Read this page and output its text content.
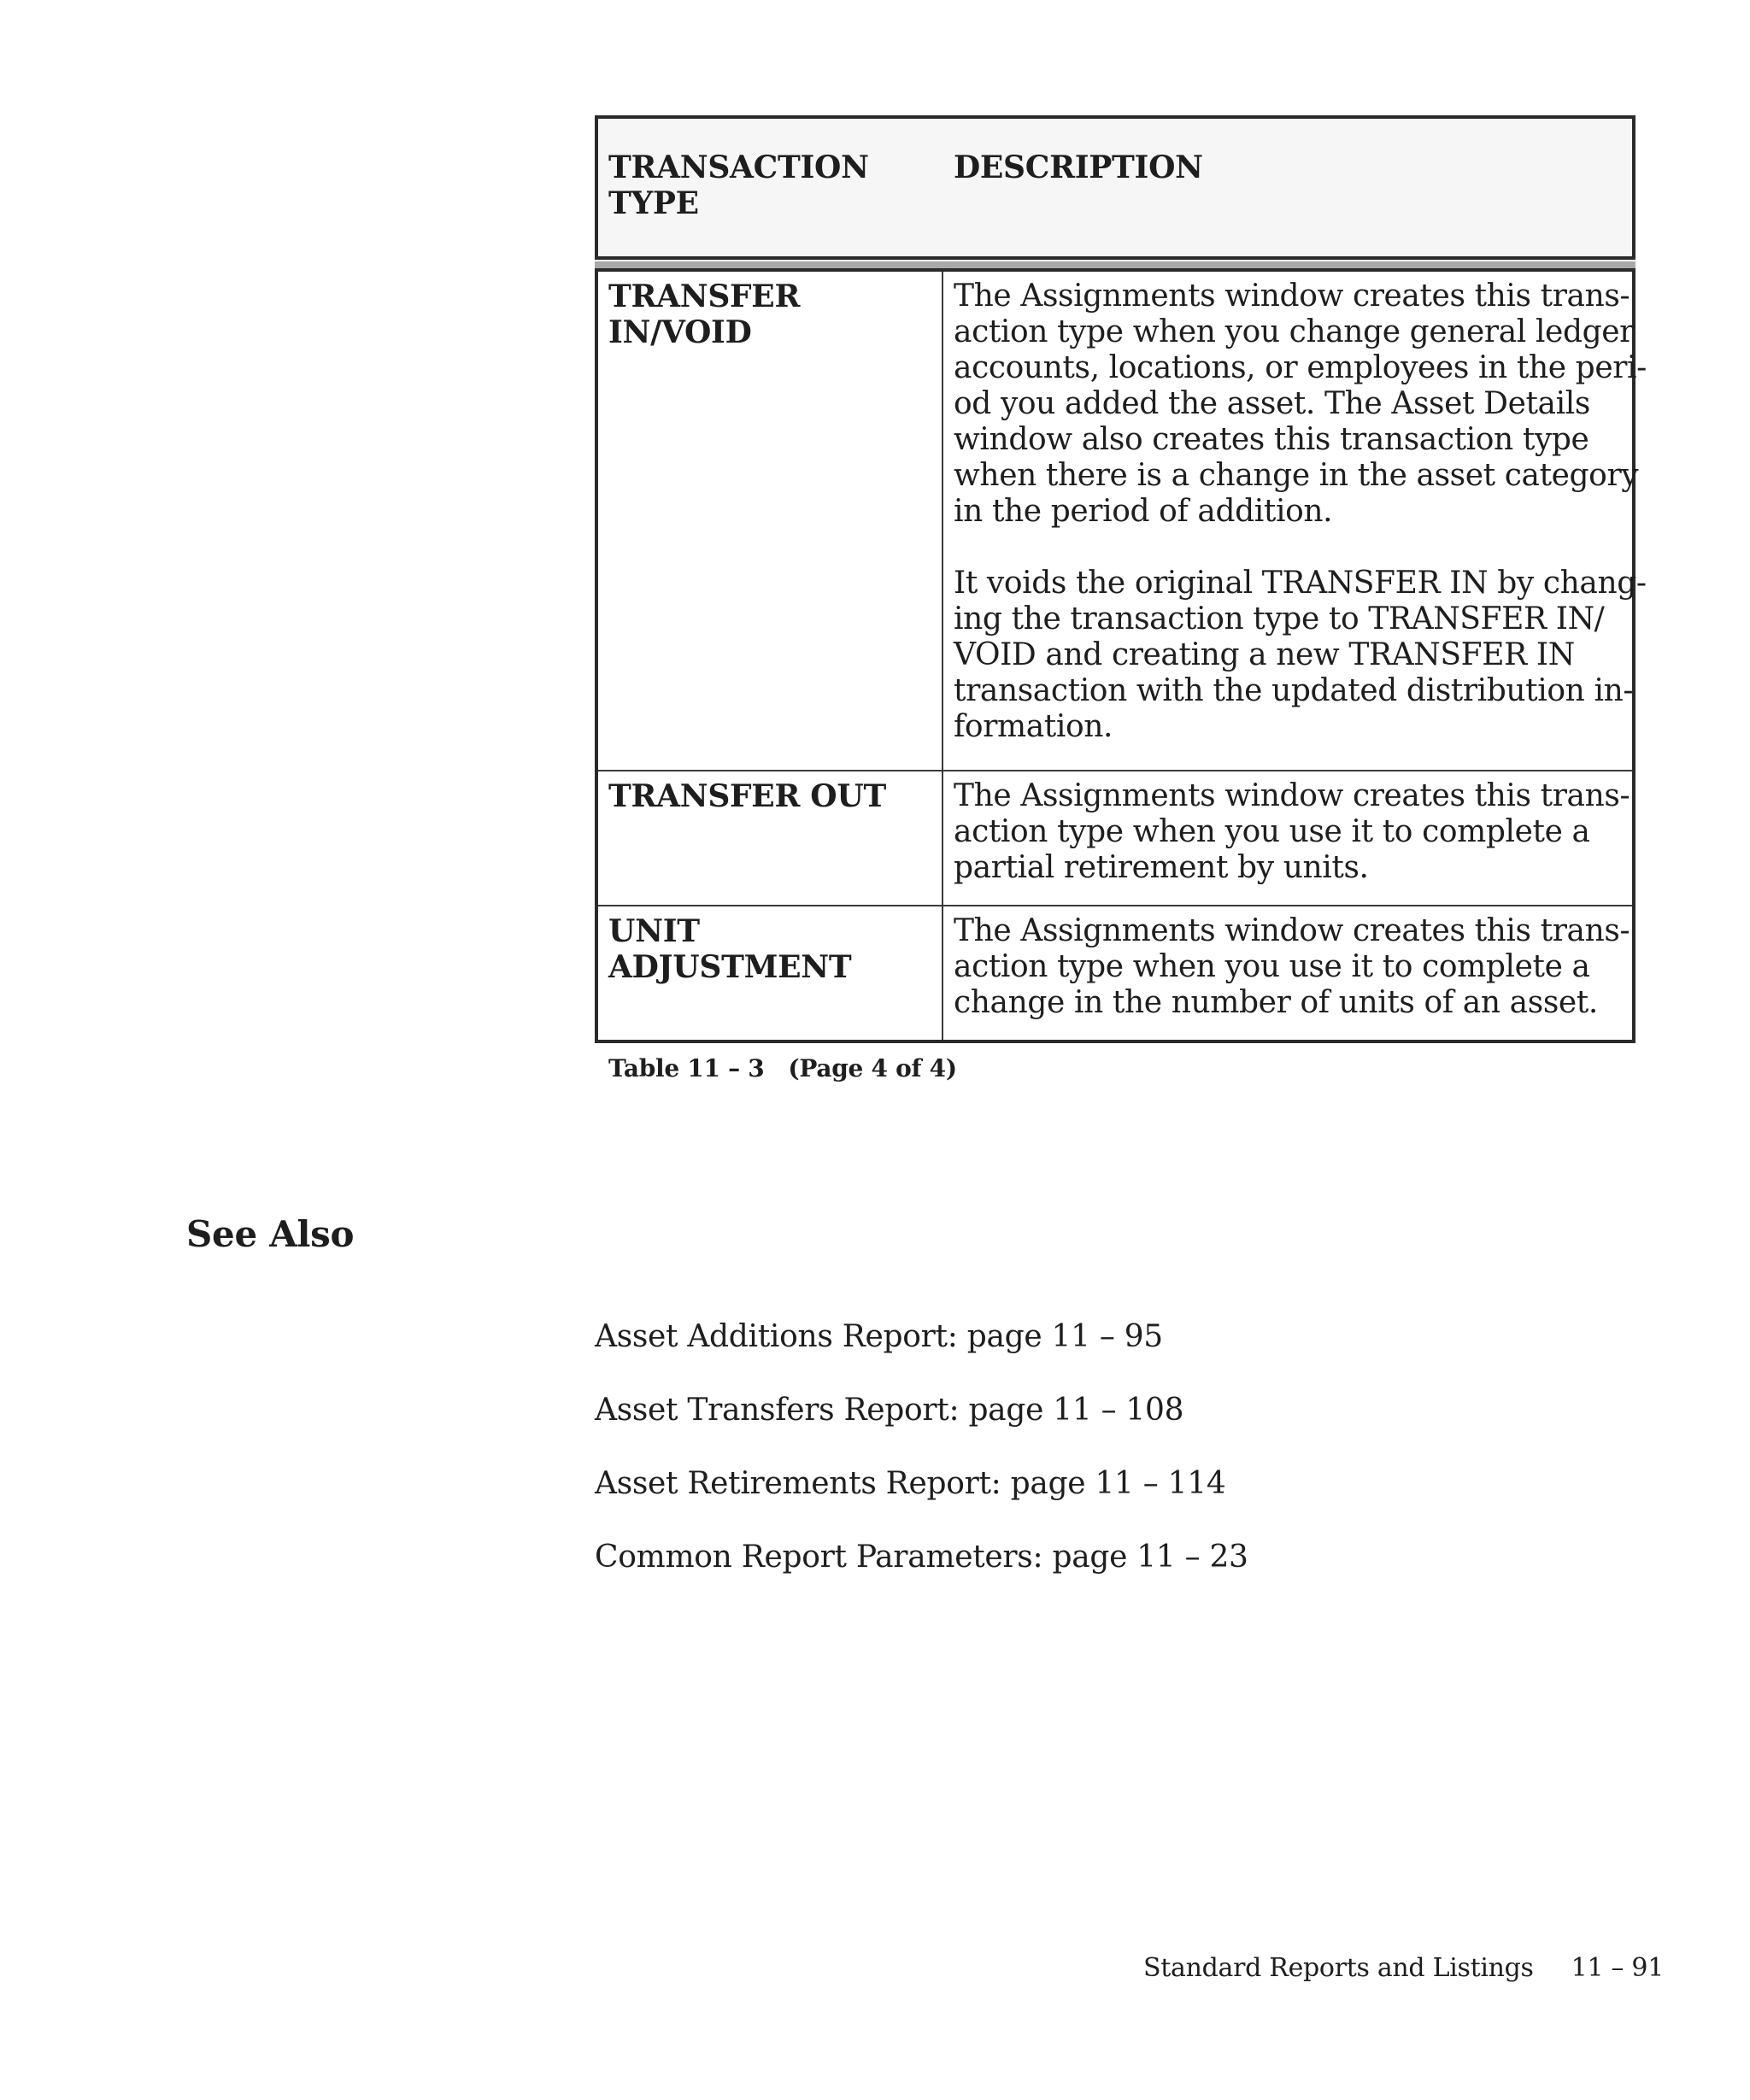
TRANSACTION
TYPE
DESCRIPTION
TRANSFER
IN/VOID
The Assignments window creates this trans-
action type when you change general ledger
accounts, locations, or employees in the peri-
od you added the asset. The Asset Details
window also creates this transaction type
when there is a change in the asset category
in the period of addition.
It voids the original TRANSFER IN by chang-
ing the transaction type to TRANSFER IN/
VOID and creating a new TRANSFER IN
transaction with the updated distribution in-
formation.
TRANSFER OUT	The Assignments window creates this trans-
action type when you use it to complete a
partial retirement by units.
UNIT
ADJUSTMENT
The Assignments window creates this trans-
action type when you use it to complete a
change in the number of units of an asset.
Table 11 – 3 (Page 4 of 4)
See Also
Asset Additions Report: page 11 – 95
Asset Transfers Report: page 11 – 108
Asset Retirements Report: page 11 – 114
Common Report Parameters: page 11 – 23
Standard Reports and Listings 11 – 91
